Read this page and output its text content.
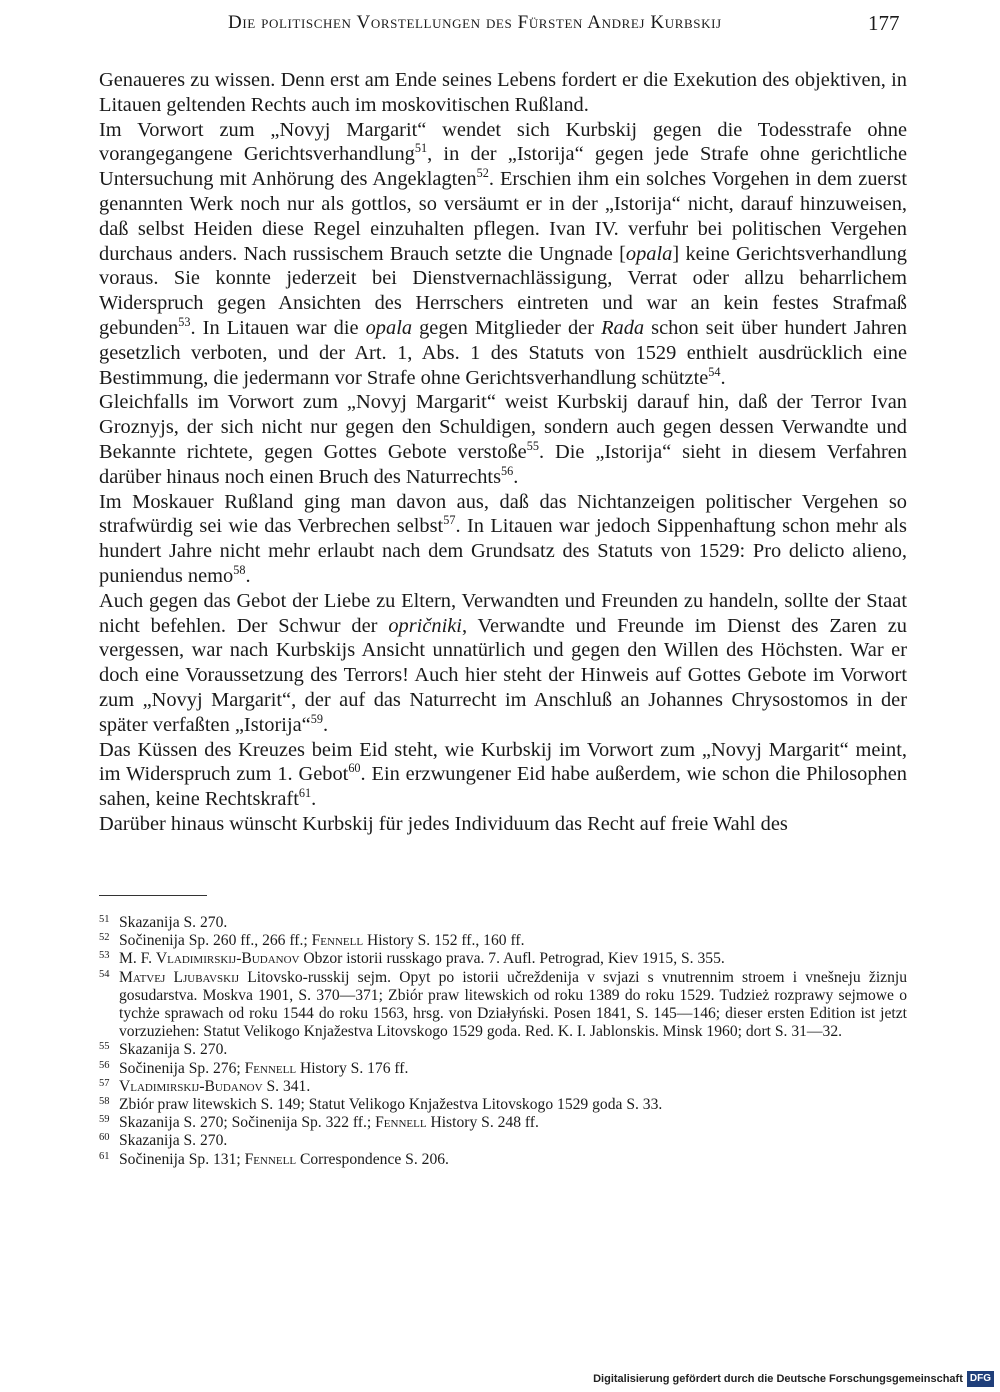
Die politischen Vorstellungen des Fürsten Andrej Kurbskij	177

Genaueres zu wissen. Denn erst am Ende seines Lebens fordert er die Exekution des objektiven, in Litauen geltenden Rechts auch im moskovitischen Rußland.

Im Vorwort zum „Novyj Margarit“ wendet sich Kurbskij gegen die Todesstrafe ohne vorangegangene Gerichtsverhandlung$^{51}$, in der „Istorija“ gegen jede Strafe ohne gerichtliche Untersuchung mit Anhörung des Angeklagten$^{52}$. Erschien ihm ein solches Vorgehen in dem zuerst genannten Werk noch nur als gottlos, so versäumt er in der „Istorija“ nicht, darauf hinzuweisen, daß selbst Heiden diese Regel einzuhalten pflegen. Ivan IV. verfuhr bei politischen Vergehen durchaus anders. Nach russischem Brauch setzte die Ungnade [opala] keine Gerichtsverhandlung voraus. Sie konnte jederzeit bei Dienstvernachlässigung, Verrat oder allzu beharrlichem Widerspruch gegen Ansichten des Herrschers eintreten und war an kein festes Strafmaß gebunden$^{53}$. In Litauen war die opala gegen Mitglieder der Rada schon seit über hundert Jahren gesetzlich verboten, und der Art. 1, Abs. 1 des Statuts von 1529 enthielt ausdrücklich eine Bestimmung, die jedermann vor Strafe ohne Gerichtsverhandlung schützte$^{54}$.

Gleichfalls im Vorwort zum „Novyj Margarit“ weist Kurbskij darauf hin, daß der Terror Ivan Groznyjs, der sich nicht nur gegen den Schuldigen, sondern auch gegen dessen Verwandte und Bekannte richtete, gegen Gottes Gebote verstoße$^{55}$. Die „Istorija“ sieht in diesem Verfahren darüber hinaus noch einen Bruch des Naturrechts$^{56}$.

Im Moskauer Rußland ging man davon aus, daß das Nichtanzeigen politischer Vergehen so strafwürdig sei wie das Verbrechen selbst$^{57}$. In Litauen war jedoch Sippenhaftung schon mehr als hundert Jahre nicht mehr erlaubt nach dem Grundsatz des Statuts von 1529: Pro delicto alieno, puniendus nemo$^{58}$.

Auch gegen das Gebot der Liebe zu Eltern, Verwandten und Freunden zu handeln, sollte der Staat nicht befehlen. Der Schwur der opričniki, Verwandte und Freunde im Dienst des Zaren zu vergessen, war nach Kurbskijs Ansicht unnatürlich und gegen den Willen des Höchsten. War er doch eine Voraussetzung des Terrors! Auch hier steht der Hinweis auf Gottes Gebote im Vorwort zum „Novyj Margarit“, der auf das Naturrecht im Anschluß an Johannes Chrysostomos in der später verfaßten „Istorija“$^{59}$.

Das Küssen des Kreuzes beim Eid steht, wie Kurbskij im Vorwort zum „Novyj Margarit“ meint, im Widerspruch zum 1. Gebot$^{60}$. Ein erzwungener Eid habe außerdem, wie schon die Philosophen sahen, keine Rechtskraft$^{61}$.

Darüber hinaus wünscht Kurbskij für jedes Individuum das Recht auf freie Wahl des

51 Skazanija S. 270.
52 Sočinenija Sp. 260 ff., 266 ff.; Fennell History S. 152 ff., 160 ff.
53 M. F. Vladimirskij-Budanov Obzor istorii russkago prava. 7. Aufl. Petrograd, Kiev 1915, S. 355.
54 Matvej Ljubavskij Litovsko-russkij sejm. Opyt po istorii učreždenija v svjazi s vnutrennim stroem i vnešneju žiznju gosudarstva. Moskva 1901, S. 370—371; Zbiór praw litewskich od roku 1389 do roku 1529. Tudzież rozprawy sejmowe o tychże sprawach od roku 1544 do roku 1563, hrsg. von Działyński. Posen 1841, S. 145—146; dieser ersten Edition ist jetzt vorzuziehen: Statut Velikogo Knjažestva Litovskogo 1529 goda. Red. K. I. Jablonskis. Minsk 1960; dort S. 31—32.
55 Skazanija S. 270.
56 Sočinenija Sp. 276; Fennell History S. 176 ff.
57 Vladimirskij-Budanov S. 341.
58 Zbiór praw litewskich S. 149; Statut Velikogo Knjažestva Litovskogo 1529 goda S. 33.
59 Skazanija S. 270; Sočinenija Sp. 322 ff.; Fennell History S. 248 ff.
60 Skazanija S. 270.
61 Sočinenija Sp. 131; Fennell Correspondence S. 206.
Digitalisierung gefördert durch die Deutsche Forschungsgemeinschaft DFG
